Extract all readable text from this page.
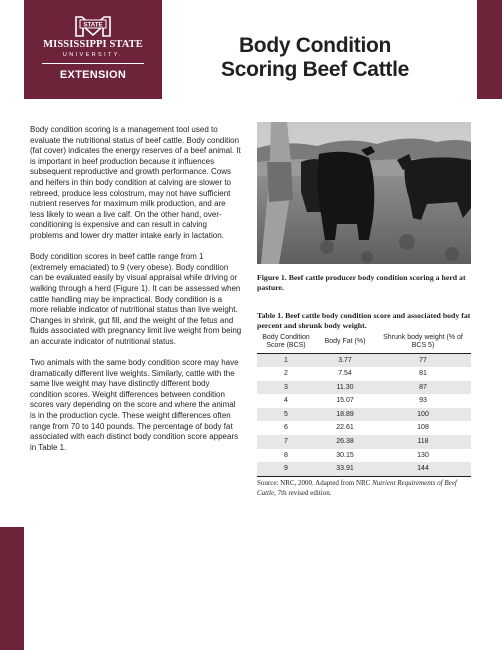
STATE
MISSISSIPPI STATE
UNIVERSITY.
EXTENSION
Body Condition
Scoring Beef Cattle

Body condition scoring is a management tool used to evaluate the nutritional status of beef cattle. Body condition (fat cover) indicates the energy reserves of a beef animal. It is important in beef production because it influences subsequent reproductive and growth performance. Cows and heifers in thin body condition at calving are slower to rebreed, produce less colostrum, may not have sufficient nutrient reserves for maximum milk production, and are less likely to wean a live calf. On the other hand, over-conditioning is expensive and can result in calving problems and lower dry matter intake early in lactation.

Body condition scores in beef cattle range from 1 (extremely emaciated) to 9 (very obese). Body condition can be evaluated easily by visual appraisal while driving or walking through a herd (Figure 1). It can be assessed when cattle handling may be impractical. Body condition is a more reliable indicator of nutritional status than live weight. Changes in shrink, gut fill, and the weight of the fetus and fluids associated with pregnancy limit live weight from being an accurate indicator of nutritional status.

Two animals with the same body condition score may have dramatically different live weights. Similarly, cattle with the same live weight may have distinctly different body condition scores. Weight differences between condition scores vary depending on the score and where the animal is in the production cycle. These weight differences often range from 70 to 140 pounds. The percentage of body fat associated with each distinct body condition score appears in Table 1.

Figure 1. Beef cattle producer body condition scoring a herd at pasture.
Table 1. Beef cattle body condition score and associated body fat percent and shrunk body weight.
Body Condition Score (BCS)	Body Fat (%)	Shrunk body weight (% of BCS 5)
1	3.77	77
2	7.54	81
3	11.30	87
4	15.07	93
5	18.89	100
6	22.61	108
7	26.38	118
8	30.15	130
9	33.91	144
Source: NRC, 2000. Adapted from NRC Nutrient Requirements of Beef Cattle, 7th revised edition.
